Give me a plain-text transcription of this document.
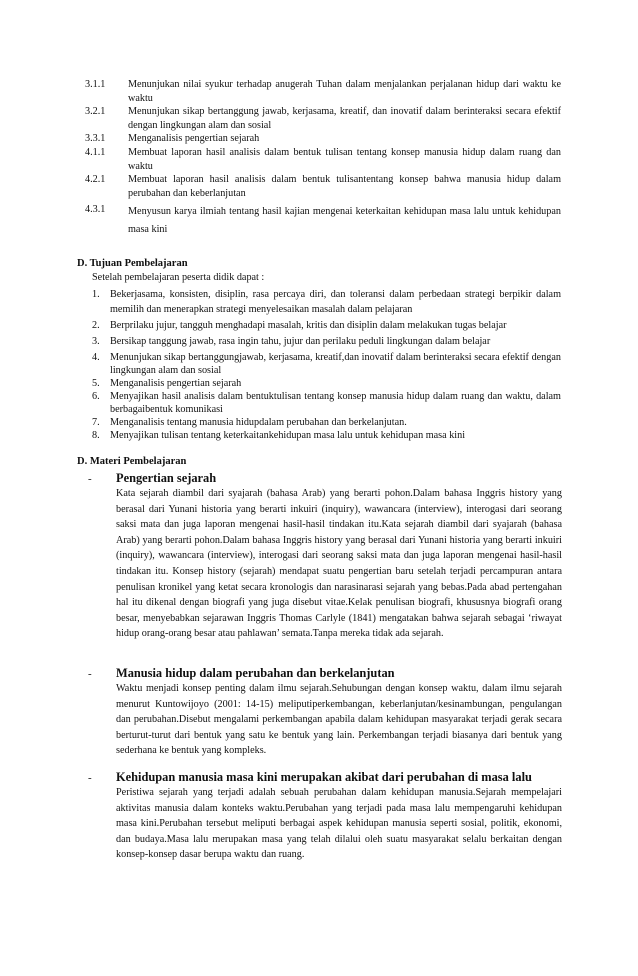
3.1.1	Menunjukan nilai syukur terhadap anugerah Tuhan dalam menjalankan perjalanan hidup dari waktu ke waktu
3.2.1	Menunjukan sikap bertanggung jawab, kerjasama, kreatif, dan inovatif dalam berinteraksi secara efektif dengan lingkungan alam dan sosial
3.3.1	Menganalisis pengertian sejarah
4.1.1	Membuat laporan hasil analisis dalam bentuk tulisan tentang konsep manusia hidup dalam ruang dan waktu
4.2.1	Membuat laporan hasil analisis dalam bentuk tulisantentang konsep bahwa manusia hidup dalam perubahan dan keberlanjutan
4.3.1	Menyusun karya ilmiah tentang hasil kajian mengenai keterkaitan kehidupan masa lalu untuk kehidupan masa kini
D. Tujuan Pembelajaran
Setelah pembelajaran peserta didik dapat :
1.	Bekerjasama, konsisten, disiplin, rasa percaya diri, dan toleransi dalam perbedaan strategi berpikir dalam memilih dan menerapkan strategi menyelesaikan masalah dalam pelajaran
2.	Berprilaku jujur, tangguh menghadapi masalah, kritis dan disiplin dalam melakukan tugas belajar
3.	Bersikap tanggung jawab, rasa ingin tahu, jujur dan perilaku peduli lingkungan dalam belajar
4.	Menunjukan sikap bertanggungjawab, kerjasama, kreatif,dan inovatif dalam berinteraksi secara efektif dengan lingkungan alam dan sosial
5.	Menganalisis pengertian sejarah
6.	Menyajikan hasil analisis dalam bentuktulisan tentang konsep manusia hidup dalam ruang dan waktu, dalam berbagaibentuk komunikasi
7.	Menganalisis tentang manusia hidupdalam perubahan dan berkelanjutan.
8.	Menyajikan tulisan tentang keterkaitankehidupan masa lalu untuk kehidupan masa kini
D. Materi Pembelajaran
-	Pengertian sejarah
Kata sejarah diambil dari syajarah (bahasa Arab) yang berarti pohon.Dalam bahasa Inggris history yang berasal dari Yunani historia yang berarti inkuiri (inquiry), wawancara (interview), interogasi dari seorang saksi mata dan juga laporan mengenai hasil-hasil tindakan itu.Kata sejarah diambil dari syajarah (bahasa Arab) yang berarti pohon.Dalam bahasa Inggris history yang berasal dari Yunani historia yang berarti inkuiri (inquiry), wawancara (interview), interogasi dari seorang saksi mata dan juga laporan mengenai hasil-hasil tindakan itu. Konsep history (sejarah) mendapat suatu pengertian baru setelah terjadi percampuran antara penulisan kronikel yang ketat secara kronologis dan narasinarasi sejarah yang bebas.Pada abad pertengahan hal itu dikenal dengan biografi yang juga disebut vitae.Kelak penulisan biografi, khususnya biografi orang besar, menyebabkan sejarawan Inggris Thomas Carlyle (1841) mengatakan bahwa sejarah sebagai ‘riwayat hidup orang-orang besar atau pahlawan’ semata.Tanpa mereka tidak ada sejarah.
-	Manusia hidup dalam perubahan dan berkelanjutan
Waktu menjadi konsep penting dalam ilmu sejarah.Sehubungan dengan konsep waktu, dalam ilmu sejarah menurut Kuntowijoyo (2001: 14-15) meliputiperkembangan, keberlanjutan/kesinambungan, pengulangan dan perubahan.Disebut mengalami perkembangan apabila dalam kehidupan masyarakat terjadi gerak secara berturut-turut dari bentuk yang satu ke bentuk yang lain. Perkembangan terjadi biasanya dari bentuk yang sederhana ke bentuk yang kompleks.
-	Kehidupan manusia masa kini merupakan akibat dari perubahan di masa lalu
Peristiwa sejarah yang terjadi adalah sebuah perubahan dalam kehidupan manusia.Sejarah mempelajari aktivitas manusia dalam konteks waktu.Perubahan yang terjadi pada masa lalu mempengaruhi kehidupan masa kini.Perubahan tersebut meliputi berbagai aspek kehidupan manusia seperti sosial, politik, ekonomi, dan budaya.Masa lalu merupakan masa yang telah dilalui oleh suatu masyarakat selalu berkaitan dengan konsep-konsep dasar berupa waktu dan ruang.
